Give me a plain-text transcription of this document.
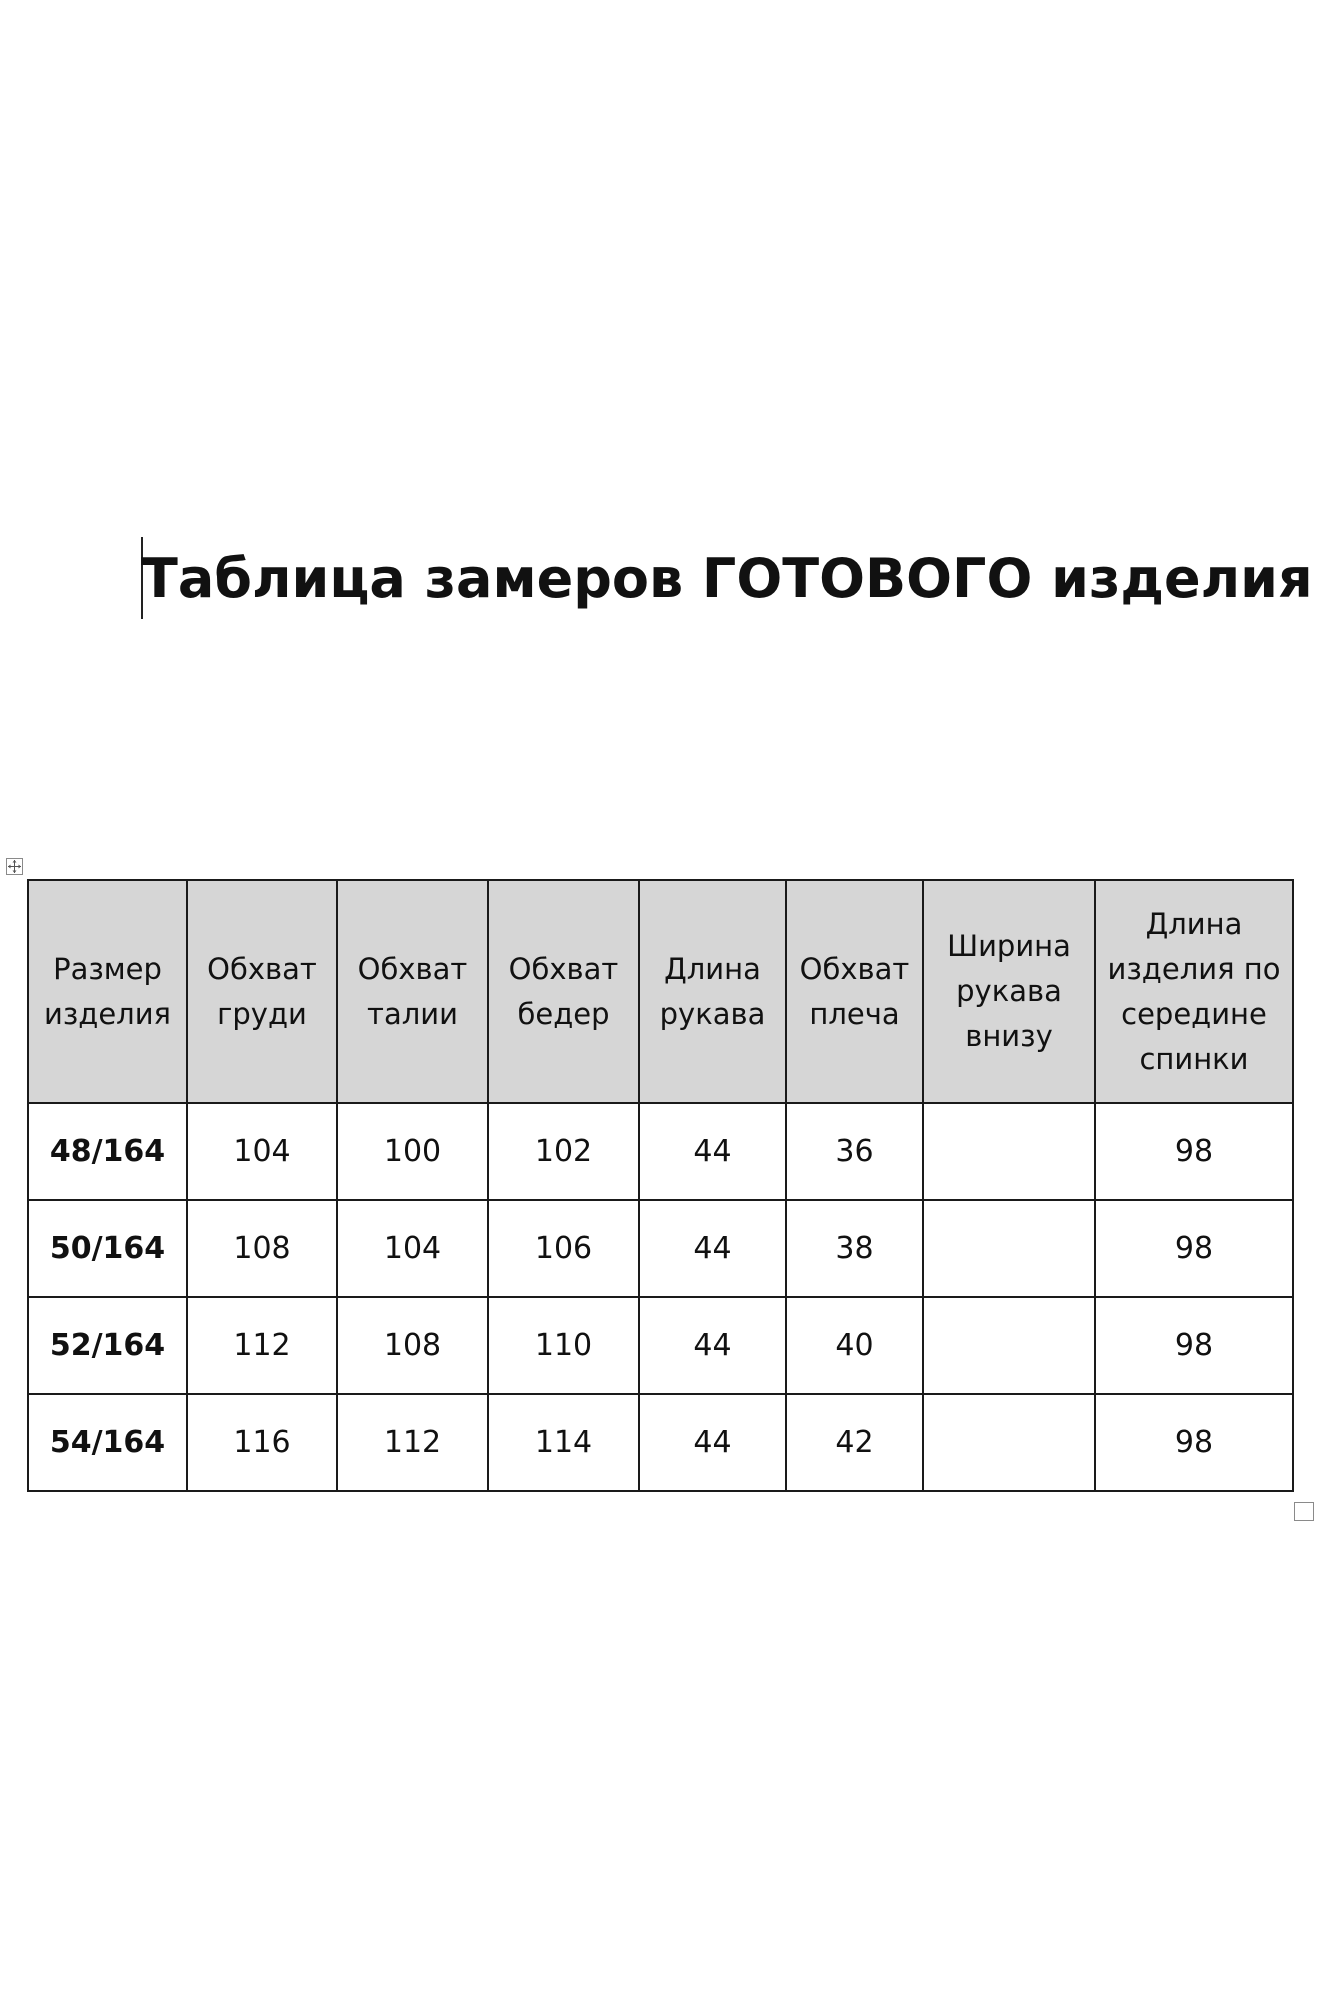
Таблица замеров ГОТОВОГО изделия
Размер изделия	Обхват груди	Обхват талии	Обхват бедер	Длина рукава	Обхват плеча	Ширина рукава внизу	Длина изделия по середине спинки
48/164	104	100	102	44	36		98
50/164	108	104	106	44	38		98
52/164	112	108	110	44	40		98
54/164	116	112	114	44	42		98
